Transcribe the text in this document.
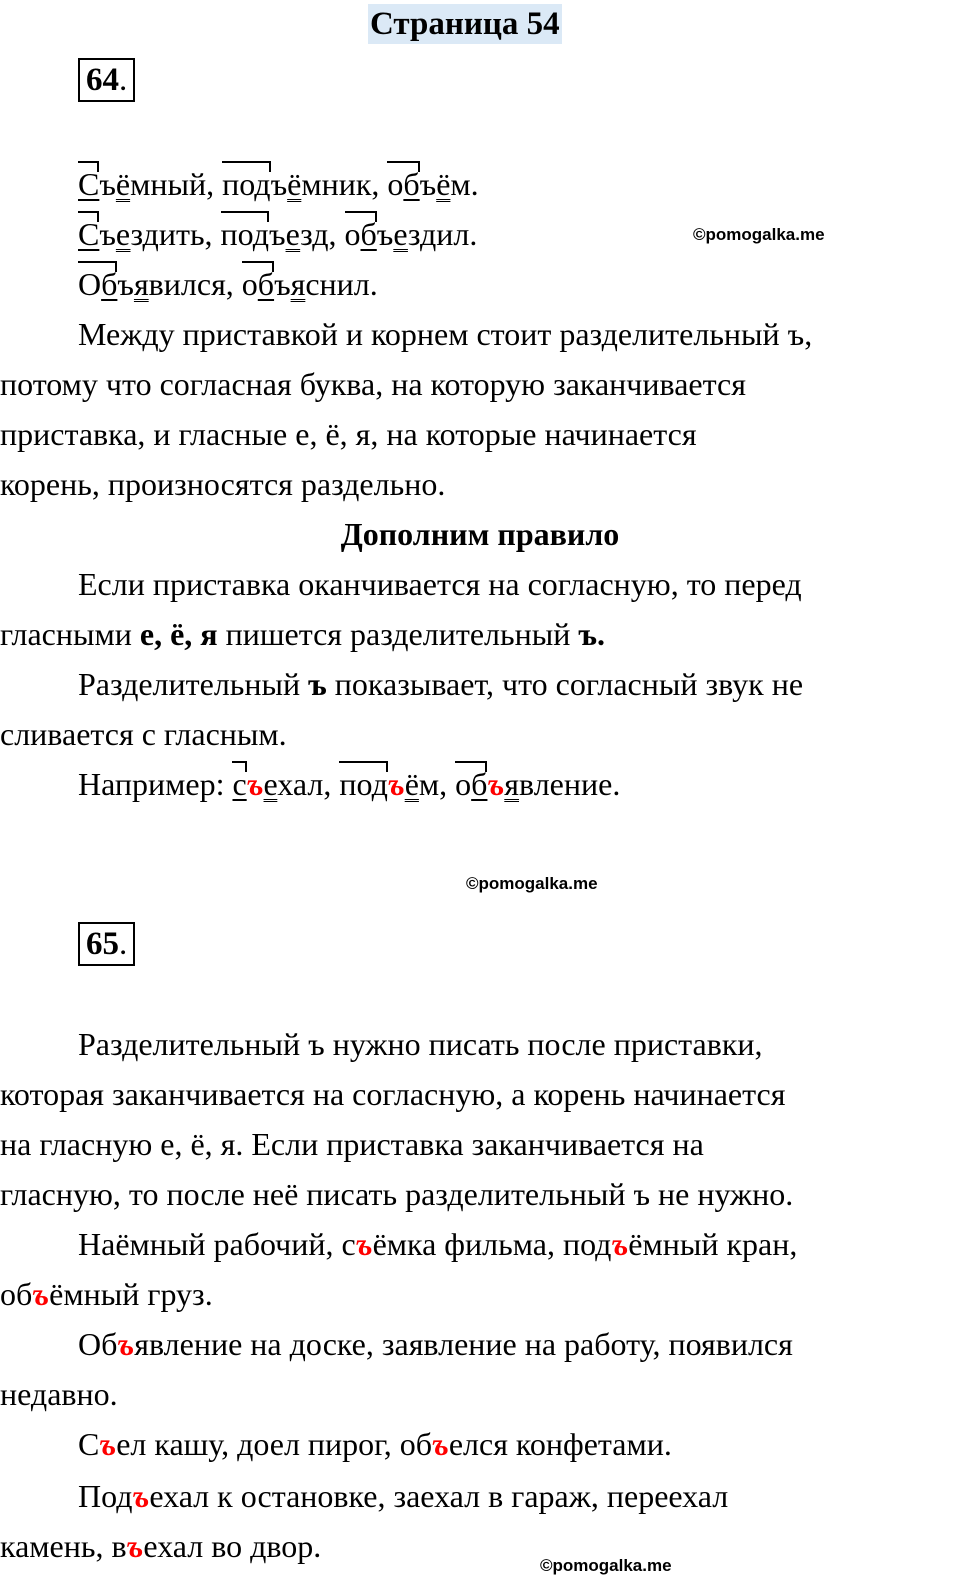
Страница 54
64.
Съёмный, подъёмник, объём.
Съездить, подъезд, объездил.	©pomogalka.me
Объявился, объяснил.
Между приставкой и корнем стоит разделительный ъ,
потому что согласная буква, на которую заканчивается
приставка, и гласные е, ё, я, на которые начинается
корень, произносятся раздельно.
Дополним правило
Если приставка оканчивается на согласную, то перед
гласными е, ё, я пишется разделительный ъ.
Разделительный ъ показывает, что согласный звук не
сливается с гласным.
Например: съехал, подъём, объявление.
©pomogalka.me
65.
Разделительный ъ нужно писать после приставки,
которая заканчивается на согласную, а корень начинается
на гласную е, ё, я. Если приставка заканчивается на
гласную, то после неё писать разделительный ъ не нужно.
Наёмный рабочий, съёмка фильма, подъёмный кран,
объёмный груз.
Объявление на доске, заявление на работу, появился
недавно.
Съел кашу, доел пирог, объелся конфетами.
Подъехал к остановке, заехал в гараж, переехал
камень, въехал во двор.
©pomogalka.me
